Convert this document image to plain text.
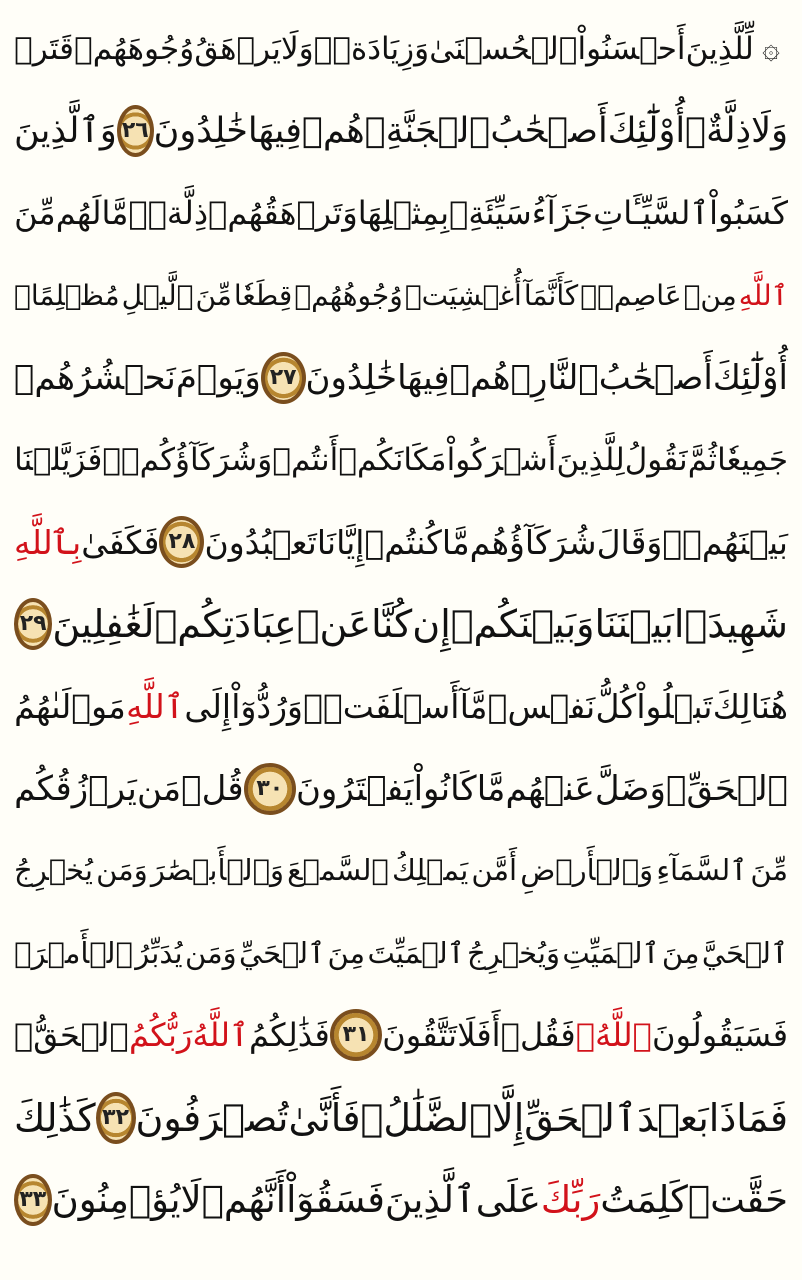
۞
لِّلَّذِينَ
أَحۡسَنُواْ
ٱلۡحُسۡنَىٰ
وَزِيَادَةٞۖ
وَلَا
يَرۡهَقُ
وُجُوهَهُمۡ
قَتَرٞ
وَلَا
ذِلَّةٌۚ
أُوْلَٰٓئِكَ
أَصۡحَٰبُ
ٱلۡجَنَّةِۖ
هُمۡ
فِيهَا
خَٰلِدُونَ
٢٦
وَٱلَّذِينَ
كَسَبُواْ
ٱلسَّيِّـَٔاتِ
جَزَآءُ
سَيِّئَةِۭ
بِمِثۡلِهَا
وَتَرۡهَقُهُمۡ
ذِلَّةٞۖ
مَّا
لَهُم
مِّنَ
ٱللَّهِ
مِنۡ
عَاصِمٖۖ
كَأَنَّمَآ
أُغۡشِيَتۡ
وُجُوهُهُمۡ
قِطَعٗا
مِّنَ
ٱلَّيۡلِ
مُظۡلِمًاۚ
أُوْلَٰٓئِكَ
أَصۡحَٰبُ
ٱلنَّارِۖ
هُمۡ
فِيهَا
خَٰلِدُونَ
٢٧
وَيَوۡمَ
نَحۡشُرُهُمۡ
جَمِيعٗا
ثُمَّ
نَقُولُ
لِلَّذِينَ
أَشۡرَكُواْ
مَكَانَكُمۡ
أَنتُمۡ
وَشُرَكَآؤُكُمۡۚ
فَزَيَّلۡنَا
بَيۡنَهُمۡۖ
وَقَالَ
شُرَكَآؤُهُم
مَّا
كُنتُمۡ
إِيَّانَا
تَعۡبُدُونَ
٢٨
فَكَفَىٰ
بِٱللَّهِ
شَهِيدَۢا
بَيۡنَنَا
وَبَيۡنَكُمۡ
إِن
كُنَّا
عَنۡ
عِبَادَتِكُمۡ
لَغَٰفِلِينَ
٢٩
هُنَالِكَ
تَبۡلُواْ
كُلُّ
نَفۡسٖ
مَّآ
أَسۡلَفَتۡۚ
وَرُدُّوٓاْ
إِلَى
ٱللَّهِ
مَوۡلَىٰهُمُ
ٱلۡحَقِّۖ
وَضَلَّ
عَنۡهُم
مَّا
كَانُواْ
يَفۡتَرُونَ
٣٠
قُلۡ
مَن
يَرۡزُقُكُم
مِّنَ
ٱلسَّمَآءِ
وَٱلۡأَرۡضِ
أَمَّن
يَمۡلِكُ
ٱلسَّمۡعَ
وَٱلۡأَبۡصَٰرَ
وَمَن
يُخۡرِجُ
ٱلۡحَيَّ
مِنَ
ٱلۡمَيِّتِ
وَيُخۡرِجُ
ٱلۡمَيِّتَ
مِنَ
ٱلۡحَيِّ
وَمَن
يُدَبِّرُ
ٱلۡأَمۡرَۚ
فَسَيَقُولُونَ
ٱللَّهُۚ
فَقُلۡ
أَفَلَا
تَتَّقُونَ
٣١
فَذَٰلِكُمُ
ٱللَّهُ
رَبُّكُمُ
ٱلۡحَقُّۖ
فَمَاذَا
بَعۡدَ
ٱلۡحَقِّ
إِلَّا
ٱلضَّلَٰلُۖ
فَأَنَّىٰ
تُصۡرَفُونَ
٣٢
كَذَٰلِكَ
حَقَّتۡ
كَلِمَتُ
رَبِّكَ
عَلَى
ٱلَّذِينَ
فَسَقُوٓاْ
أَنَّهُمۡ
لَا
يُؤۡمِنُونَ
٣٣
